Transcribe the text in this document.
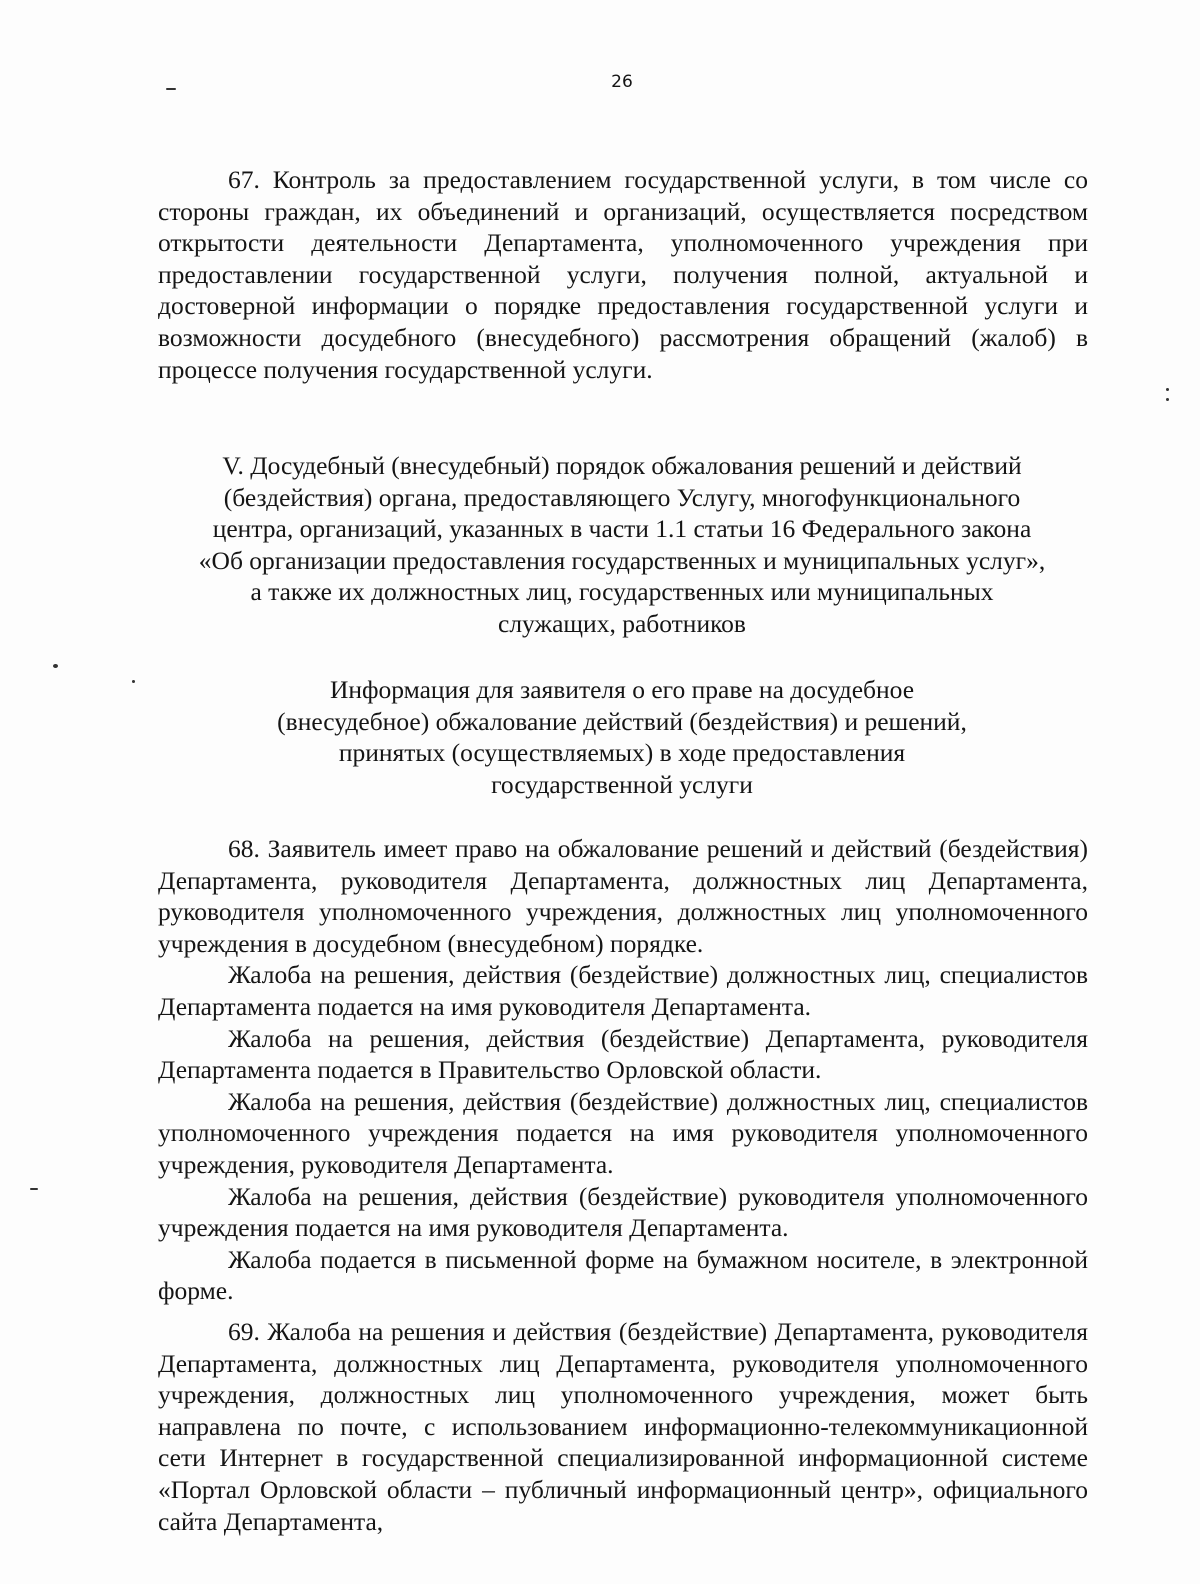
26

67. Контроль за предоставлением государственной услуги, в том числе со стороны граждан, их объединений и организаций, осуществляется посредством открытости деятельности Департамента, уполномоченного учреждения при предоставлении государственной услуги, получения полной, актуальной и достоверной информации о порядке предоставления государственной услуги и возможности досудебного (внесудебного) рассмотрения обращений (жалоб) в процессе получения государственной услуги.

V. Досудебный (внесудебный) порядок обжалования решений и действий
(бездействия) органа, предоставляющего Услугу, многофункционального
центра, организаций, указанных в части 1.1 статьи 16 Федерального закона
«Об организации предоставления государственных и муниципальных услуг»,
а также их должностных лиц, государственных или муниципальных
служащих, работников
Информация для заявителя о его праве на досудебное
(внесудебное) обжалование действий (бездействия) и решений,
принятых (осуществляемых) в ходе предоставления
государственной услуги

68. Заявитель имеет право на обжалование решений и действий (бездействия) Департамента, руководителя Департамента, должностных лиц Департамента, руководителя уполномоченного учреждения, должностных лиц уполномоченного учреждения в досудебном (внесудебном) порядке.

Жалоба на решения, действия (бездействие) должностных лиц, специалистов Департамента подается на имя руководителя Департамента.

Жалоба на решения, действия (бездействие) Департамента, руководителя Департамента подается в Правительство Орловской области.

Жалоба на решения, действия (бездействие) должностных лиц, специалистов уполномоченного учреждения подается на имя руководителя уполномоченного учреждения, руководителя Департамента.

Жалоба на решения, действия (бездействие) руководителя уполномоченного учреждения подается на имя руководителя Департамента.

Жалоба подается в письменной форме на бумажном носителе, в электронной форме.

69. Жалоба на решения и действия (бездействие) Департамента, руководителя Департамента, должностных лиц Департамента, руководителя уполномоченного учреждения, должностных лиц уполномоченного учреждения, может быть направлена по почте, с использованием информационно-телекоммуникационной сети Интернет в государственной специализированной информационной системе «Портал Орловской области – публичный информационный центр», официального сайта Департамента,
